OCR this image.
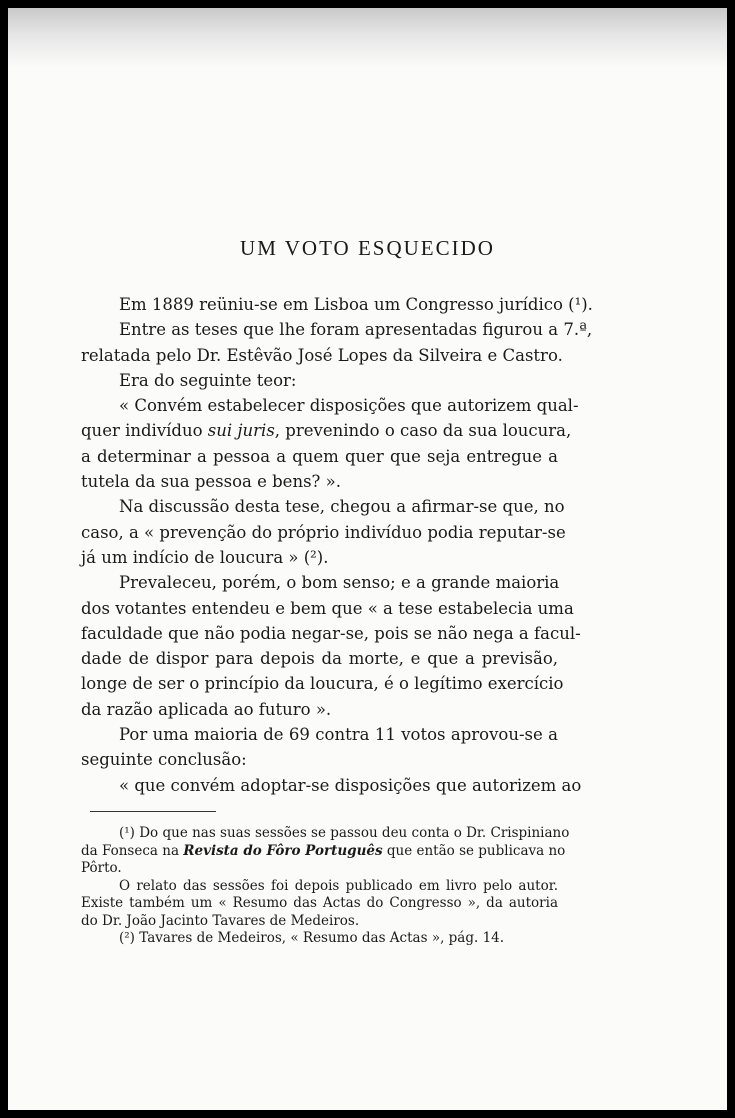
UM VOTO ESQUECIDO
Em 1889 reüniu-se em Lisboa um Congresso jurídico (¹).
Entre as teses que lhe foram apresentadas figurou a 7.ª,
relatada pelo Dr. Estêvão José Lopes da Silveira e Castro.
Era do seguinte teor:
« Convém estabelecer disposições que autorizem qual-
quer indivíduo sui juris, prevenindo o caso da sua loucura,
a determinar a pessoa a quem quer que seja entregue a
tutela da sua pessoa e bens? ».
Na discussão desta tese, chegou a afirmar-se que, no
caso, a « prevenção do próprio indivíduo podia reputar-se
já um indício de loucura » (²).
Prevaleceu, porém, o bom senso; e a grande maioria
dos votantes entendeu e bem que « a tese estabelecia uma
faculdade que não podia negar-se, pois se não nega a facul-
dade de dispor para depois da morte, e que a previsão,
longe de ser o princípio da loucura, é o legítimo exercício
da razão aplicada ao futuro ».
Por uma maioria de 69 contra 11 votos aprovou-se a
seguinte conclusão:
« que convém adoptar-se disposições que autorizem ao
(¹) Do que nas suas sessões se passou deu conta o Dr. Crispiniano
da Fonseca na Revista do Fôro Português que então se publicava no
Pôrto.
O relato das sessões foi depois publicado em livro pelo autor.
Existe também um « Resumo das Actas do Congresso », da autoria
do Dr. João Jacinto Tavares de Medeiros.
(²) Tavares de Medeiros, « Resumo das Actas », pág. 14.
